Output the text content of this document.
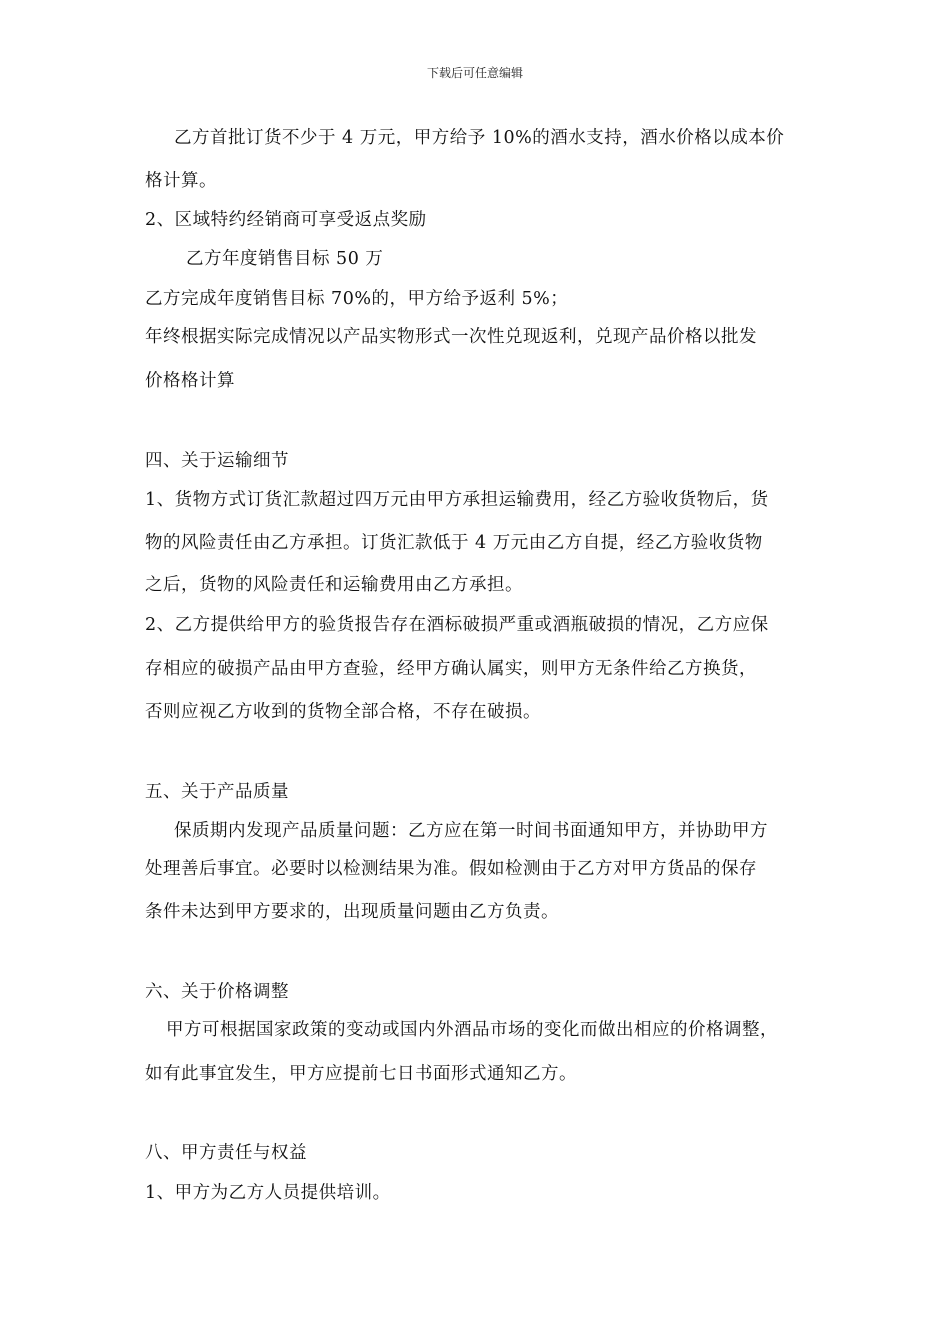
下载后可任意编辑
乙方首批订货不少于 4 万元，甲方给予 10%的酒水支持，酒水价格以成本价
格计算。
2、区域特约经销商可享受返点奖励
乙方年度销售目标 50 万
乙方完成年度销售目标 70%的，甲方给予返利 5%；
年终根据实际完成情况以产品实物形式一次性兑现返利，兑现产品价格以批发
价格格计算
四、关于运输细节
1、货物方式订货汇款超过四万元由甲方承担运输费用，经乙方验收货物后，货
物的风险责任由乙方承担。订货汇款低于 4 万元由乙方自提，经乙方验收货物
之后，货物的风险责任和运输费用由乙方承担。
2、乙方提供给甲方的验货报告存在酒标破损严重或酒瓶破损的情况，乙方应保
存相应的破损产品由甲方查验，经甲方确认属实，则甲方无条件给乙方换货，
否则应视乙方收到的货物全部合格，不存在破损。
五、关于产品质量
保质期内发现产品质量问题：乙方应在第一时间书面通知甲方，并协助甲方
处理善后事宜。必要时以检测结果为准。假如检测由于乙方对甲方货品的保存
条件未达到甲方要求的，出现质量问题由乙方负责。
六、关于价格调整
甲方可根据国家政策的变动或国内外酒品市场的变化而做出相应的价格调整，
如有此事宜发生，甲方应提前七日书面形式通知乙方。
八、甲方责任与权益
1、甲方为乙方人员提供培训。
